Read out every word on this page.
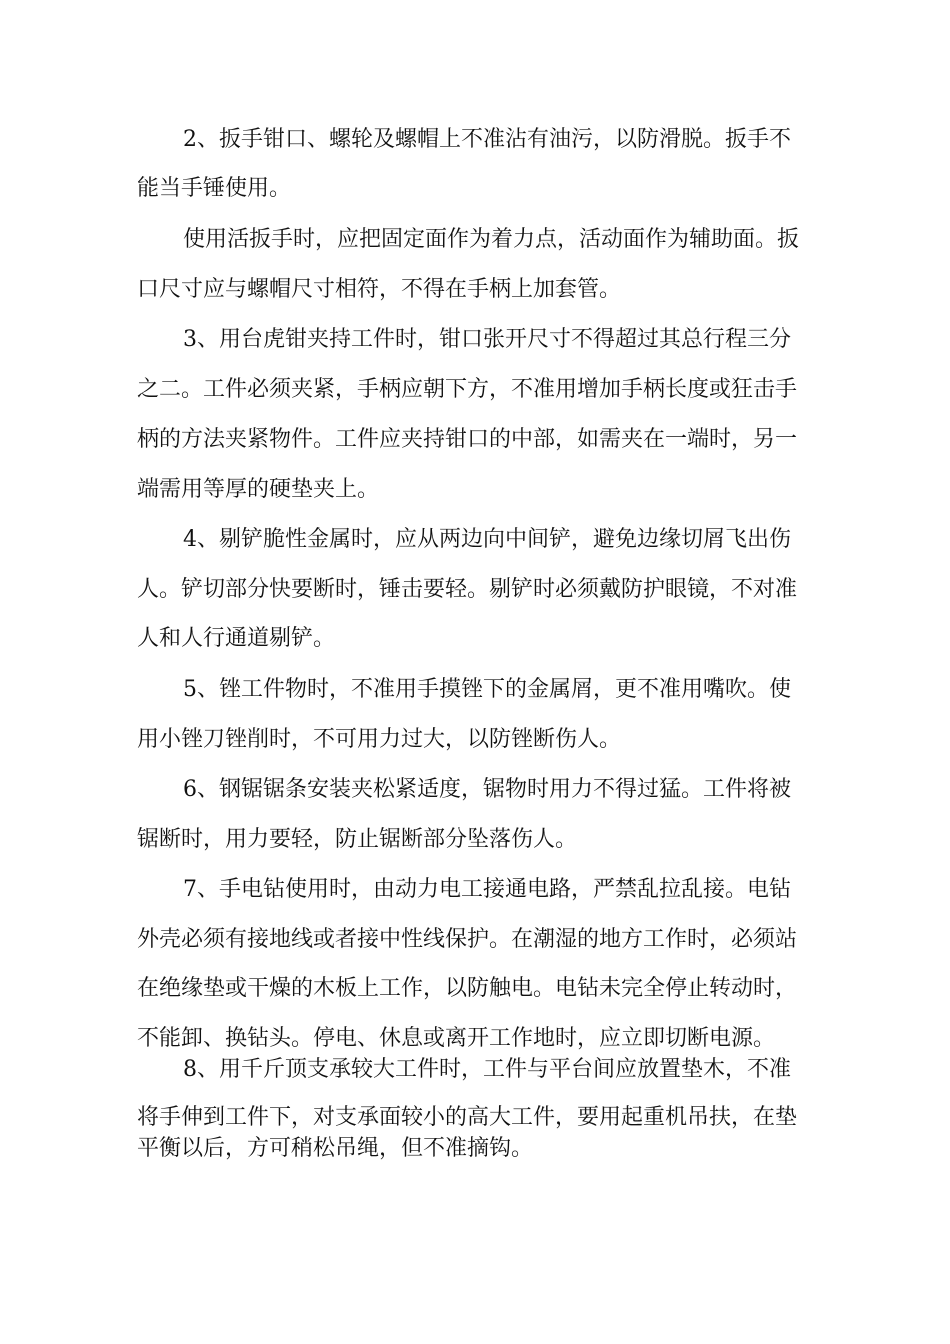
2、扳手钳口、螺轮及螺帽上不准沾有油污，以防滑脱。扳手不
能当手锤使用。
使用活扳手时，应把固定面作为着力点，活动面作为辅助面。扳
口尺寸应与螺帽尺寸相符，不得在手柄上加套管。
3、用台虎钳夹持工件时，钳口张开尺寸不得超过其总行程三分
之二。工件必须夹紧，手柄应朝下方，不准用增加手柄长度或狂击手
柄的方法夹紧物件。工件应夹持钳口的中部，如需夹在一端时，另一
端需用等厚的硬垫夹上。
4、剔铲脆性金属时，应从两边向中间铲，避免边缘切屑飞出伤
人。铲切部分快要断时，锤击要轻。剔铲时必须戴防护眼镜，不对准
人和人行通道剔铲。
5、锉工件物时，不准用手摸锉下的金属屑，更不准用嘴吹。使
用小锉刀锉削时，不可用力过大，以防锉断伤人。
6、钢锯锯条安装夹松紧适度，锯物时用力不得过猛。工件将被
锯断时，用力要轻，防止锯断部分坠落伤人。
7、手电钻使用时，由动力电工接通电路，严禁乱拉乱接。电钻
外壳必须有接地线或者接中性线保护。在潮湿的地方工作时，必须站
在绝缘垫或干燥的木板上工作，以防触电。电钻未完全停止转动时，
不能卸、换钻头。停电、休息或离开工作地时，应立即切断电源。
8、用千斤顶支承较大工件时，工件与平台间应放置垫木，不准
将手伸到工件下，对支承面较小的高大工件，要用起重机吊扶，在垫
平衡以后，方可稍松吊绳，但不准摘钩。
